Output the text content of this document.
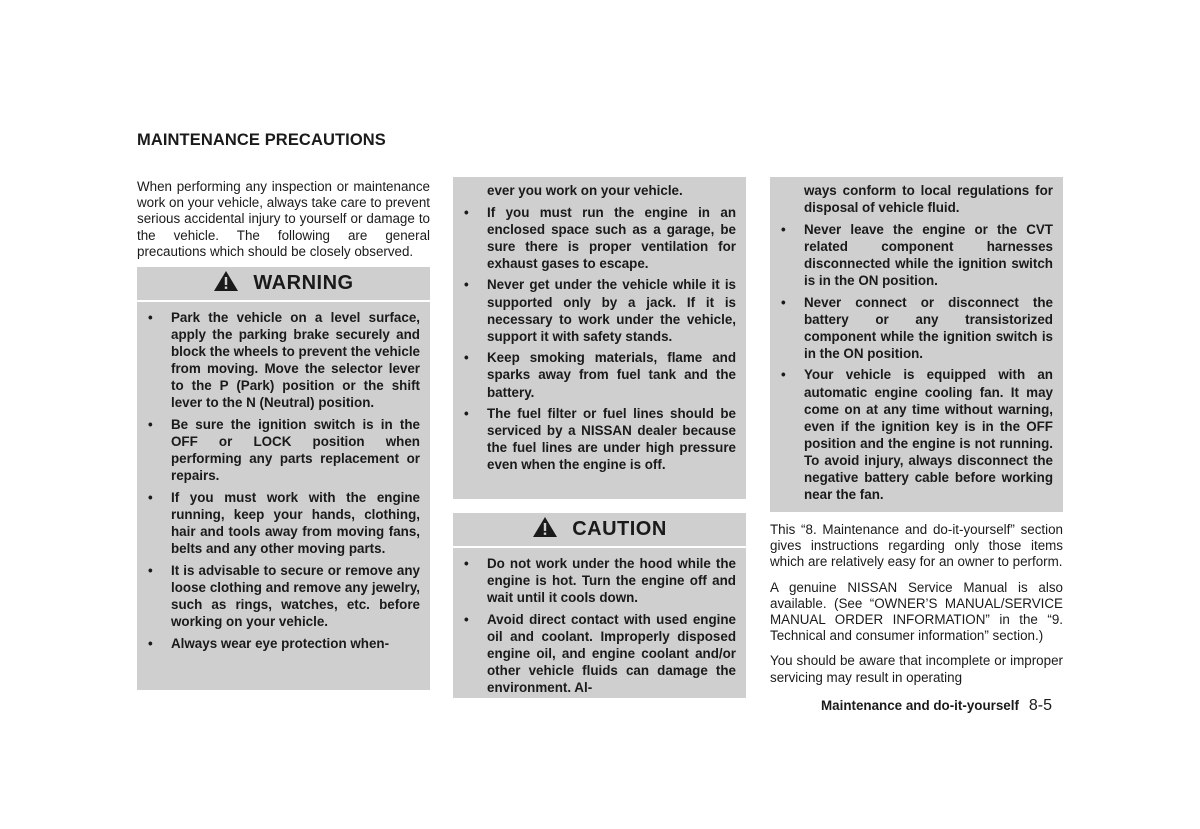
MAINTENANCE PRECAUTIONS
When performing any inspection or maintenance work on your vehicle, always take care to prevent serious accidental injury to yourself or damage to the vehicle. The following are general precautions which should be closely observed.
WARNING
• Park the vehicle on a level surface, apply the parking brake securely and block the wheels to prevent the vehicle from moving. Move the selector lever to the P (Park) position or the shift lever to the N (Neutral) position.
• Be sure the ignition switch is in the OFF or LOCK position when performing any parts replacement or repairs.
• If you must work with the engine running, keep your hands, clothing, hair and tools away from moving fans, belts and any other moving parts.
• It is advisable to secure or remove any loose clothing and remove any jewelry, such as rings, watches, etc. before working on your vehicle.
• Always wear eye protection when-
ever you work on your vehicle.
• If you must run the engine in an enclosed space such as a garage, be sure there is proper ventilation for exhaust gases to escape.
• Never get under the vehicle while it is supported only by a jack. If it is necessary to work under the vehicle, support it with safety stands.
• Keep smoking materials, flame and sparks away from fuel tank and the battery.
• The fuel filter or fuel lines should be serviced by a NISSAN dealer because the fuel lines are under high pressure even when the engine is off.
CAUTION
• Do not work under the hood while the engine is hot. Turn the engine off and wait until it cools down.
• Avoid direct contact with used engine oil and coolant. Improperly disposed engine oil, and engine coolant and/or other vehicle fluids can damage the environment. Al-
ways conform to local regulations for disposal of vehicle fluid.
• Never leave the engine or the CVT related component harnesses disconnected while the ignition switch is in the ON position.
• Never connect or disconnect the battery or any transistorized component while the ignition switch is in the ON position.
• Your vehicle is equipped with an automatic engine cooling fan. It may come on at any time without warning, even if the ignition key is in the OFF position and the engine is not running. To avoid injury, always disconnect the negative battery cable before working near the fan.

This “8. Maintenance and do-it-yourself” section gives instructions regarding only those items which are relatively easy for an owner to perform.

A genuine NISSAN Service Manual is also available. (See “OWNER’S MANUAL/SERVICE MANUAL ORDER INFORMATION” in the “9. Technical and consumer information” section.)

You should be aware that incomplete or improper servicing may result in operating

Maintenance and do-it-yourself 8-5
